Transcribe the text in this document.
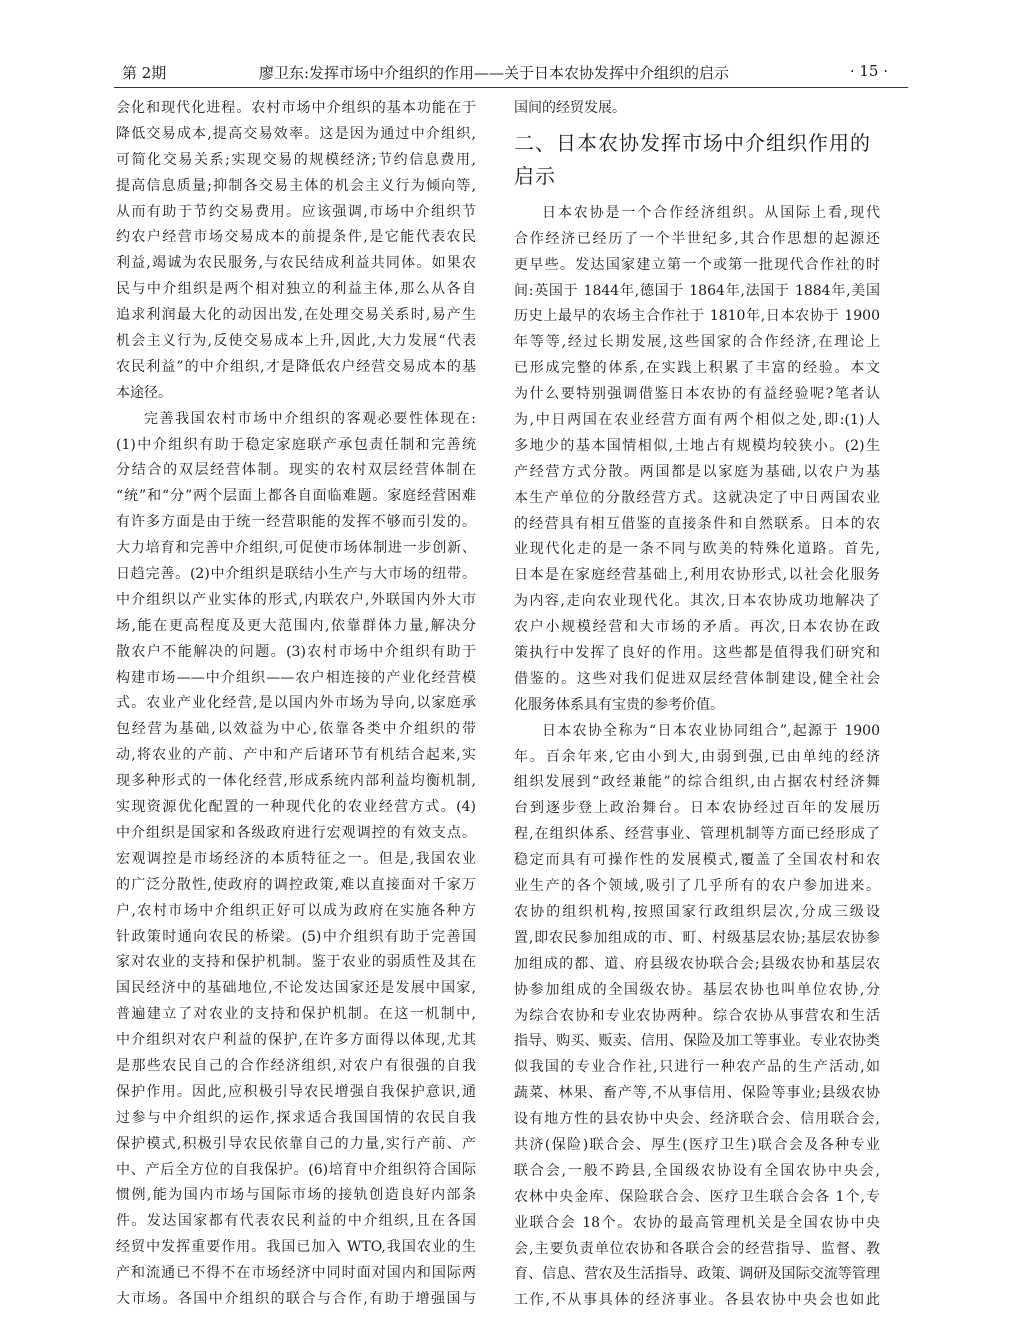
第 2期	廖卫东:发挥市场中介组织的作用——关于日本农协发挥中介组织的启示	· 15 ·
会化和现代化进程。农村市场中介组织的基本功能在于
降低交易成本,提高交易效率。这是因为通过中介组织,
可简化交易关系;实现交易的规模经济;节约信息费用,
提高信息质量;抑制各交易主体的机会主义行为倾向等,
从而有助于节约交易费用。应该强调,市场中介组织节
约农户经营市场交易成本的前提条件,是它能代表农民
利益,竭诚为农民服务,与农民结成利益共同体。如果农
民与中介组织是两个相对独立的利益主体,那么从各自
追求利润最大化的动因出发,在处理交易关系时,易产生
机会主义行为,反使交易成本上升,因此,大力发展“代表
农民利益”的中介组织,才是降低农户经营交易成本的基
本途径。
完善我国农村市场中介组织的客观必要性体现在:
(1)中介组织有助于稳定家庭联产承包责任制和完善统
分结合的双层经营体制。现实的农村双层经营体制在
“统”和“分”两个层面上都各自面临难题。家庭经营困难
有许多方面是由于统一经营职能的发挥不够而引发的。
大力培育和完善中介组织,可促使市场体制进一步创新、
日趋完善。(2)中介组织是联结小生产与大市场的纽带。
中介组织以产业实体的形式,内联农户,外联国内外大市
场,能在更高程度及更大范围内,依靠群体力量,解决分
散农户不能解决的问题。(3)农村市场中介组织有助于
构建市场——中介组织——农户相连接的产业化经营模
式。农业产业化经营,是以国内外市场为导向,以家庭承
包经营为基础,以效益为中心,依靠各类中介组织的带
动,将农业的产前、产中和产后诸环节有机结合起来,实
现多种形式的一体化经营,形成系统内部利益均衡机制,
实现资源优化配置的一种现代化的农业经营方式。(4)
中介组织是国家和各级政府进行宏观调控的有效支点。
宏观调控是市场经济的本质特征之一。但是,我国农业
的广泛分散性,使政府的调控政策,难以直接面对千家万
户,农村市场中介组织正好可以成为政府在实施各种方
针政策时通向农民的桥梁。(5)中介组织有助于完善国
家对农业的支持和保护机制。鉴于农业的弱质性及其在
国民经济中的基础地位,不论发达国家还是发展中国家,
普遍建立了对农业的支持和保护机制。在这一机制中,
中介组织对农户利益的保护,在许多方面得以体现,尤其
是那些农民自己的合作经济组织,对农户有很强的自我
保护作用。因此,应积极引导农民增强自我保护意识,通
过参与中介组织的运作,探求适合我国国情的农民自我
保护模式,积极引导农民依靠自己的力量,实行产前、产
中、产后全方位的自我保护。(6)培育中介组织符合国际
惯例,能为国内市场与国际市场的接轨创造良好内部条
件。发达国家都有代表农民利益的中介组织,且在各国
经贸中发挥重要作用。我国已加入 WTO,我国农业的生
产和流通已不得不在市场经济中同时面对国内和国际两
大市场。各国中介组织的联合与合作,有助于增强国与
国间的经贸发展。
二、日本农协发挥市场中介组织作用的
启示
日本农协是一个合作经济组织。从国际上看,现代
合作经济已经历了一个半世纪多,其合作思想的起源还
更早些。发达国家建立第一个或第一批现代合作社的时
间:英国于 1844年,德国于 1864年,法国于 1884年,美国
历史上最早的农场主合作社于 1810年,日本农协于 1900
年等等,经过长期发展,这些国家的合作经济,在理论上
已形成完整的体系,在实践上积累了丰富的经验。本文
为什么要特别强调借鉴日本农协的有益经验呢?笔者认
为,中日两国在农业经营方面有两个相似之处,即:(1)人
多地少的基本国情相似,土地占有规模均较狭小。(2)生
产经营方式分散。两国都是以家庭为基础,以农户为基
本生产单位的分散经营方式。这就决定了中日两国农业
的经营具有相互借鉴的直接条件和自然联系。日本的农
业现代化走的是一条不同与欧美的特殊化道路。首先,
日本是在家庭经营基础上,利用农协形式,以社会化服务
为内容,走向农业现代化。其次,日本农协成功地解决了
农户小规模经营和大市场的矛盾。再次,日本农协在政
策执行中发挥了良好的作用。这些都是值得我们研究和
借鉴的。这些对我们促进双层经营体制建设,健全社会
化服务体系具有宝贵的参考价值。
日本农协全称为“日本农业协同组合”,起源于 1900
年。百余年来,它由小到大,由弱到强,已由单纯的经济
组织发展到“政经兼能”的综合组织,由占据农村经济舞
台到逐步登上政治舞台。日本农协经过百年的发展历
程,在组织体系、经营事业、管理机制等方面已经形成了
稳定而具有可操作性的发展模式,覆盖了全国农村和农
业生产的各个领域,吸引了几乎所有的农户参加进来。
农协的组织机构,按照国家行政组织层次,分成三级设
置,即农民参加组成的市、町、村级基层农协;基层农协参
加组成的都、道、府县级农协联合会;县级农协和基层农
协参加组成的全国级农协。基层农协也叫单位农协,分
为综合农协和专业农协两种。综合农协从事营农和生活
指导、购买、贩卖、信用、保险及加工等事业。专业农协类
似我国的专业合作社,只进行一种农产品的生产活动,如
蔬菜、林果、畜产等,不从事信用、保险等事业;县级农协
设有地方性的县农协中央会、经济联合会、信用联合会,
共济(保险)联合会、厚生(医疗卫生)联合会及各种专业
联合会,一般不跨县,全国级农协设有全国农协中央会,
农林中央金库、保险联合会、医疗卫生联合会各 1个,专
业联合会 18个。农协的最高管理机关是全国农协中央
会,主要负责单位农协和各联合会的经营指导、监督、教
育、信息、营农及生活指导、政策、调研及国际交流等管理
工作,不从事具体的经济事业。各县农协中央会也如此
